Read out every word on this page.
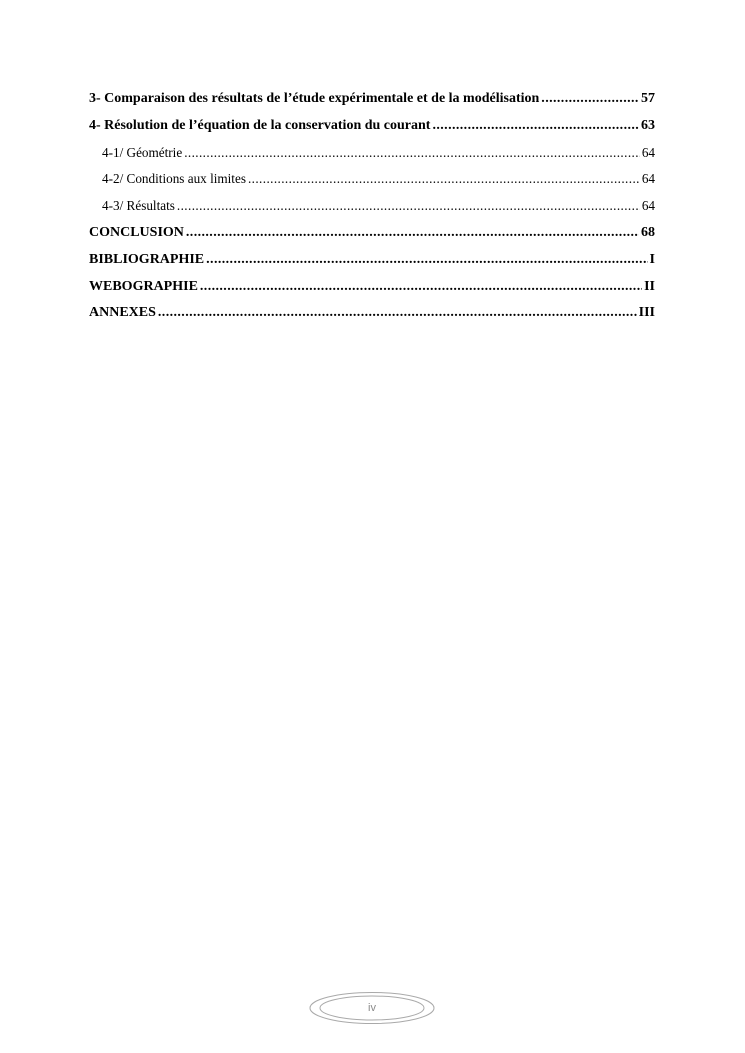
3- Comparaison des résultats de l’étude expérimentale et de la modélisation .....	57
4- Résolution de l’équation de la conservation du courant .....	63
4-1/ Géométrie .....	64
4-2/ Conditions aux limites .....	64
4-3/ Résultats .....	64
CONCLUSION .....	68
BIBLIOGRAPHIE .....	I
WEBOGRAPHIE .....	II
ANNEXES .....	III
iv
